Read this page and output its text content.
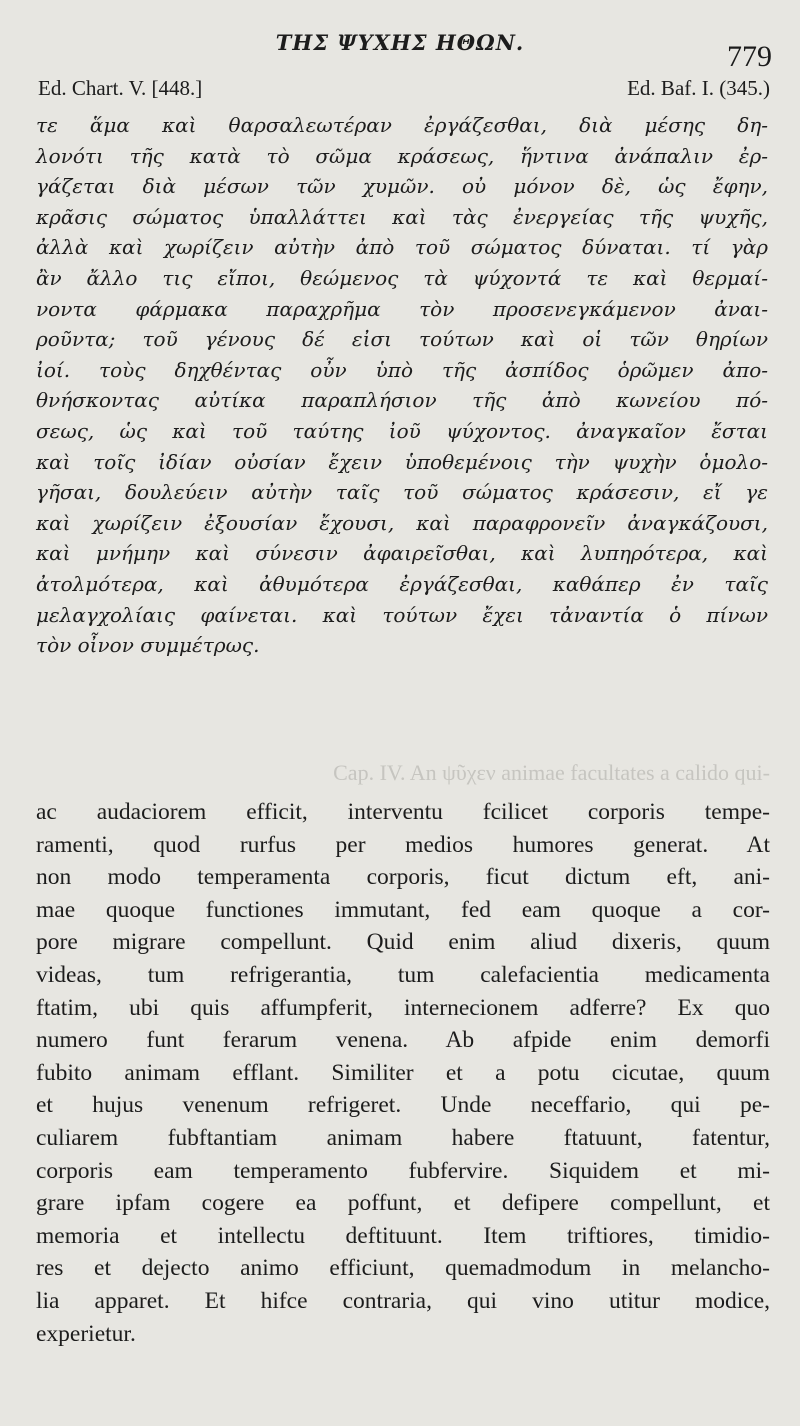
ΤΗΣ ΨΥΧΗΣ ΗΘΩΝ.	779
Ed. Chart. V. [448.]	Ed. Baf. I. (345.)
τε ἅμα καὶ θαρσαλεωτέραν ἐργάζεσθαι, διὰ μέσης δη-
λονότι τῆς κατὰ τὸ σῶμα κράσεως, ἥντινα ἀνάπαλιν ἐρ-
γάζεται διὰ μέσων τῶν χυμῶν. οὐ μόνον δὲ, ὡς ἔφην,
κρᾶσις σώματος ὑπαλλάττει καὶ τὰς ἐνεργείας τῆς ψυχῆς,
ἀλλὰ καὶ χωρίζειν αὐτὴν ἀπὸ τοῦ σώματος δύναται. τί γὰρ
ἂν ἄλλο τις εἴποι, θεώμενος τὰ ψύχοντά τε καὶ θερμαί-
νοντα φάρμακα παραχρῆμα τὸν προσενεγκάμενον ἀναι-
ροῦντα; τοῦ γένους δέ εἰσι τούτων καὶ οἱ τῶν θηρίων
ἰοί. τοὺς δηχθέντας οὖν ὑπὸ τῆς ἀσπίδος ὁρῶμεν ἀπο-
θνήσκοντας αὐτίκα παραπλήσιον τῆς ἀπὸ κωνείου πό-
σεως, ὡς καὶ τοῦ ταύτης ἰοῦ ψύχοντος. ἀναγκαῖον ἔσται
καὶ τοῖς ἰδίαν οὐσίαν ἔχειν ὑποθεμένοις τὴν ψυχὴν ὁμολο-
γῆσαι, δουλεύειν αὐτὴν ταῖς τοῦ σώματος κράσεσιν, εἴ γε
καὶ χωρίζειν ἐξουσίαν ἔχουσι, καὶ παραφρονεῖν ἀναγκάζουσι,
καὶ μνήμην καὶ σύνεσιν ἀφαιρεῖσθαι, καὶ λυπηρότερα, καὶ
ἀτολμότερα, καὶ ἀθυμότερα ἐργάζεσθαι, καθάπερ ἐν ταῖς
μελαγχολίαις φαίνεται. καὶ τούτων ἔχει τἀναντία ὁ πίνων
τὸν οἶνον συμμέτρως.
Cap. IV. An ψῦχεν animae facultates a calido qui-
ac audaciorem efficit, interventu fcilicet corporis tempe-
ramenti, quod rurfus per medios humores generat. At
non modo temperamenta corporis, ficut dictum eft, ani-
mae quoque functiones immutant, fed eam quoque a cor-
pore migrare compellunt. Quid enim aliud dixeris, quum
videas, tum refrigerantia, tum calefacientia medicamenta
ftatim, ubi quis affumpferit, internecionem adferre? Ex quo
numero funt ferarum venena. Ab afpide enim demorfi
fubito animam efflant. Similiter et a potu cicutae, quum
et hujus venenum refrigeret. Unde neceffario, qui pe-
culiarem fubftantiam animam habere ftatuunt, fatentur,
corporis eam temperamento fubfervire. Siquidem et mi-
grare ipfam cogere ea poffunt, et defipere compellunt, et
memoria et intellectu deftituunt. Item triftiores, timidio-
res et dejecto animo efficiunt, quemadmodum in melancho-
lia apparet. Et hifce contraria, qui vino utitur modice,
experietur.
